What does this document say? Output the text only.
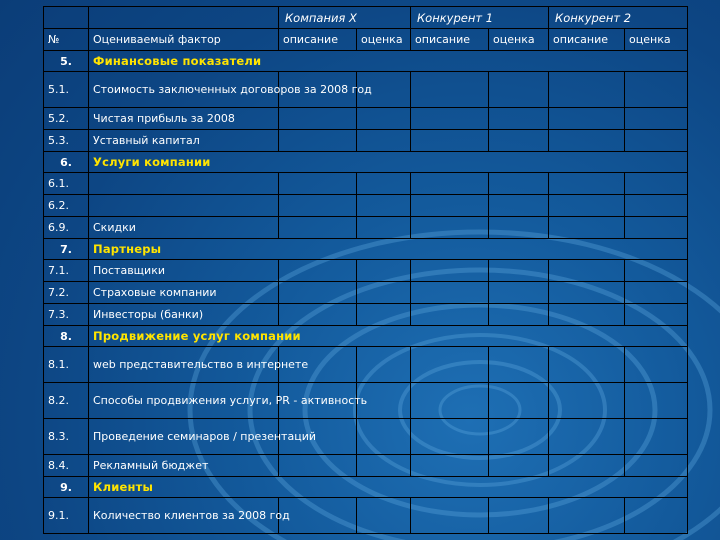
		Компания Х		Конкурент 1		Конкурент 2	
№	Оцениваемый фактор	описание	оценка	описание	оценка	описание	оценка
5.	Финансовые показатели						
5.1.	Стоимость заключенных договоров за 2008 год						
5.2.	Чистая прибыль за 2008						
5.3.	Уставный капитал						
6.	Услуги компании						
6.1.							
6.2.							
6.9.	Скидки						
7.	Партнеры						
7.1.	Поставщики						
7.2.	Страховые компании						
7.3.	Инвесторы (банки)						
8.	Продвижение услуг компании						
8.1.	web представительство в интернете						
8.2.	Способы продвижения услуги, PR - активность						
8.3.	Проведение семинаров / презентаций						
8.4.	Рекламный бюджет						
9.	Клиенты						
9.1.	Количество клиентов за 2008 год						
